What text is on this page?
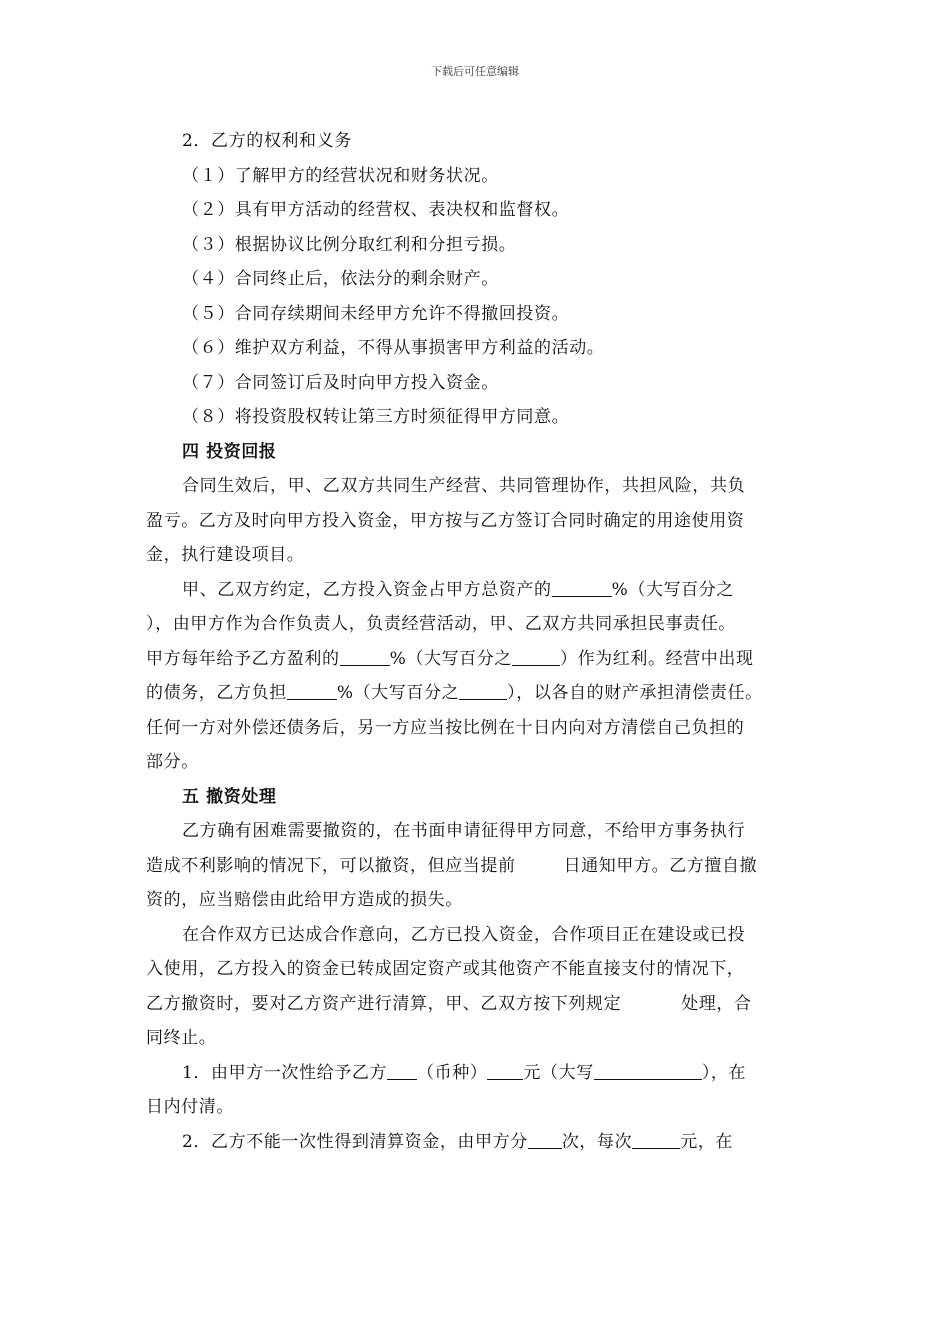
下载后可任意编辑
2．乙方的权利和义务
（１）了解甲方的经营状况和财务状况。
（２）具有甲方活动的经营权、表决权和监督权。
（３）根据协议比例分取红利和分担亏损。
（４）合同终止后，依法分的剩余财产。
（５）合同存续期间未经甲方允许不得撤回投资。
（６）维护双方利益，不得从事损害甲方利益的活动。
（７）合同签订后及时向甲方投入资金。
（８）将投资股权转让第三方时须征得甲方同意。
四 投资回报
合同生效后，甲、乙双方共同生产经营、共同管理协作，共担风险，共负
盈亏。乙方及时向甲方投入资金，甲方按与乙方签订合同时确定的用途使用资
金，执行建设项目。
甲、乙双方约定，乙方投入资金占甲方总资产的	%（大写百分之
），由甲方作为合作负责人，负责经营活动，甲、乙双方共同承担民事责任。
甲方每年给予乙方盈利的	%（大写百分之	）作为红利。经营中出现
的债务，乙方负担	%（大写百分之	），以各自的财产承担清偿责任。
任何一方对外偿还债务后，另一方应当按比例在十日内向对方清偿自己负担的
部分。
五 撤资处理
乙方确有困难需要撤资的，在书面申请征得甲方同意，不给甲方事务执行
造成不利影响的情况下，可以撤资，但应当提前	日通知甲方。乙方擅自撤
资的，应当赔偿由此给甲方造成的损失。
在合作双方已达成合作意向，乙方已投入资金，合作项目正在建设或已投
入使用，乙方投入的资金已转成固定资产或其他资产不能直接支付的情况下，
乙方撤资时，要对乙方资产进行清算，甲、乙双方按下列规定	处理，合
同终止。
1．由甲方一次性给予乙方 （币种） 元（大写	），在
日内付清。
2．乙方不能一次性得到清算资金，由甲方分 次，每次	元，在
